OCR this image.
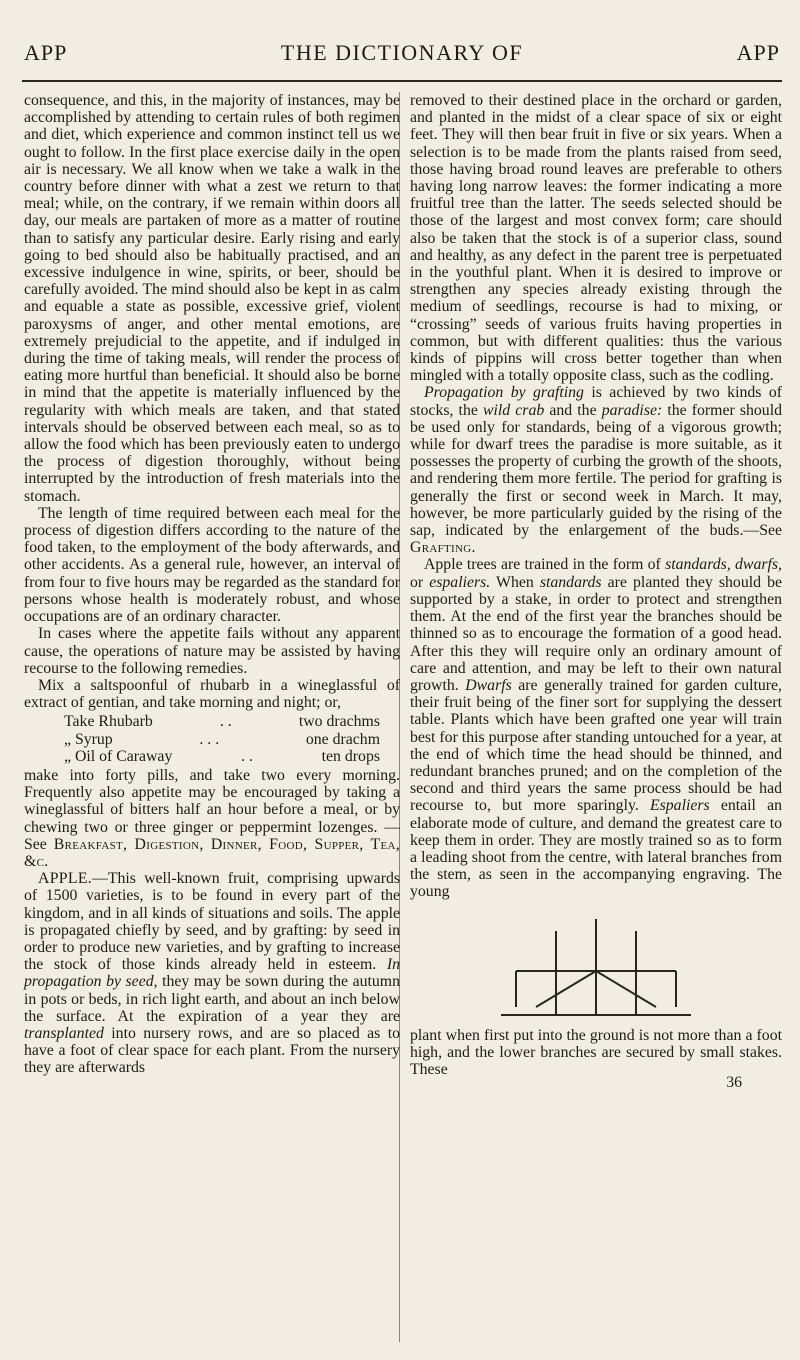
APP	THE DICTIONARY OF	APP

consequence, and this, in the majority of instances, may be accomplished by attending to certain rules of both regimen and diet, which experience and common instinct tell us we ought to follow. In the first place exercise daily in the open air is necessary. We all know when we take a walk in the country before dinner with what a zest we return to that meal; while, on the contrary, if we remain within doors all day, our meals are partaken of more as a matter of routine than to satisfy any particular desire. Early rising and early going to bed should also be habitually practised, and an excessive indulgence in wine, spirits, or beer, should be carefully avoided. The mind should also be kept in as calm and equable a state as possible, excessive grief, violent paroxysms of anger, and other mental emotions, are extremely prejudicial to the appetite, and if indulged in during the time of taking meals, will render the process of eating more hurtful than beneficial. It should also be borne in mind that the appetite is materially influenced by the regularity with which meals are taken, and that stated intervals should be observed between each meal, so as to allow the food which has been previously eaten to undergo the process of digestion thoroughly, without being interrupted by the introduction of fresh materials into the stomach.

The length of time required between each meal for the process of digestion differs according to the nature of the food taken, to the employment of the body afterwards, and other accidents. As a general rule, however, an interval of from four to five hours may be regarded as the standard for persons whose health is moderately robust, and whose occupations are of an ordinary character.

In cases where the appetite fails without any apparent cause, the operations of nature may be assisted by having recourse to the following remedies.

Mix a saltspoonful of rhubarb in a wineglassful of extract of gentian, and take morning and night; or,

Take Rhubarb	. .	two drachms
„ Syrup	. . .	one drachm
„ Oil of Caraway	. .	ten drops

make into forty pills, and take two every morning. Frequently also appetite may be encouraged by taking a wineglassful of bitters half an hour before a meal, or by chewing two or three ginger or peppermint lozenges. — See Breakfast, Digestion, Dinner, Food, Supper, Tea, &c.

APPLE.—This well-known fruit, comprising upwards of 1500 varieties, is to be found in every part of the kingdom, and in all kinds of situations and soils. The apple is propagated chiefly by seed, and by grafting: by seed in order to produce new varieties, and by grafting to increase the stock of those kinds already held in esteem. In propagation by seed, they may be sown during the autumn in pots or beds, in rich light earth, and about an inch below the surface. At the expiration of a year they are transplanted into nursery rows, and are so placed as to have a foot of clear space for each plant. From the nursery they are afterwards

removed to their destined place in the orchard or garden, and planted in the midst of a clear space of six or eight feet. They will then bear fruit in five or six years. When a selection is to be made from the plants raised from seed, those having broad round leaves are preferable to others having long narrow leaves: the former indicating a more fruitful tree than the latter. The seeds selected should be those of the largest and most convex form; care should also be taken that the stock is of a superior class, sound and healthy, as any defect in the parent tree is perpetuated in the youthful plant. When it is desired to improve or strengthen any species already existing through the medium of seedlings, recourse is had to mixing, or “crossing” seeds of various fruits having properties in common, but with different qualities: thus the various kinds of pippins will cross better together than when mingled with a totally opposite class, such as the codling.

Propagation by grafting is achieved by two kinds of stocks, the wild crab and the paradise: the former should be used only for standards, being of a vigorous growth; while for dwarf trees the paradise is more suitable, as it possesses the property of curbing the growth of the shoots, and rendering them more fertile. The period for grafting is generally the first or second week in March. It may, however, be more particularly guided by the rising of the sap, indicated by the enlargement of the buds.—See Grafting.

Apple trees are trained in the form of standards, dwarfs, or espaliers. When standards are planted they should be supported by a stake, in order to protect and strengthen them. At the end of the first year the branches should be thinned so as to encourage the formation of a good head. After this they will require only an ordinary amount of care and attention, and may be left to their own natural growth. Dwarfs are generally trained for garden culture, their fruit being of the finer sort for supplying the dessert table. Plants which have been grafted one year will train best for this purpose after standing untouched for a year, at the end of which time the head should be thinned, and redundant branches pruned; and on the completion of the second and third years the same process should be had recourse to, but more sparingly. Espaliers entail an elaborate mode of culture, and demand the greatest care to keep them in order. They are mostly trained so as to form a leading shoot from the centre, with lateral branches from the stem, as seen in the accompanying engraving. The young

plant when first put into the ground is not more than a foot high, and the lower branches are secured by small stakes. These

36
